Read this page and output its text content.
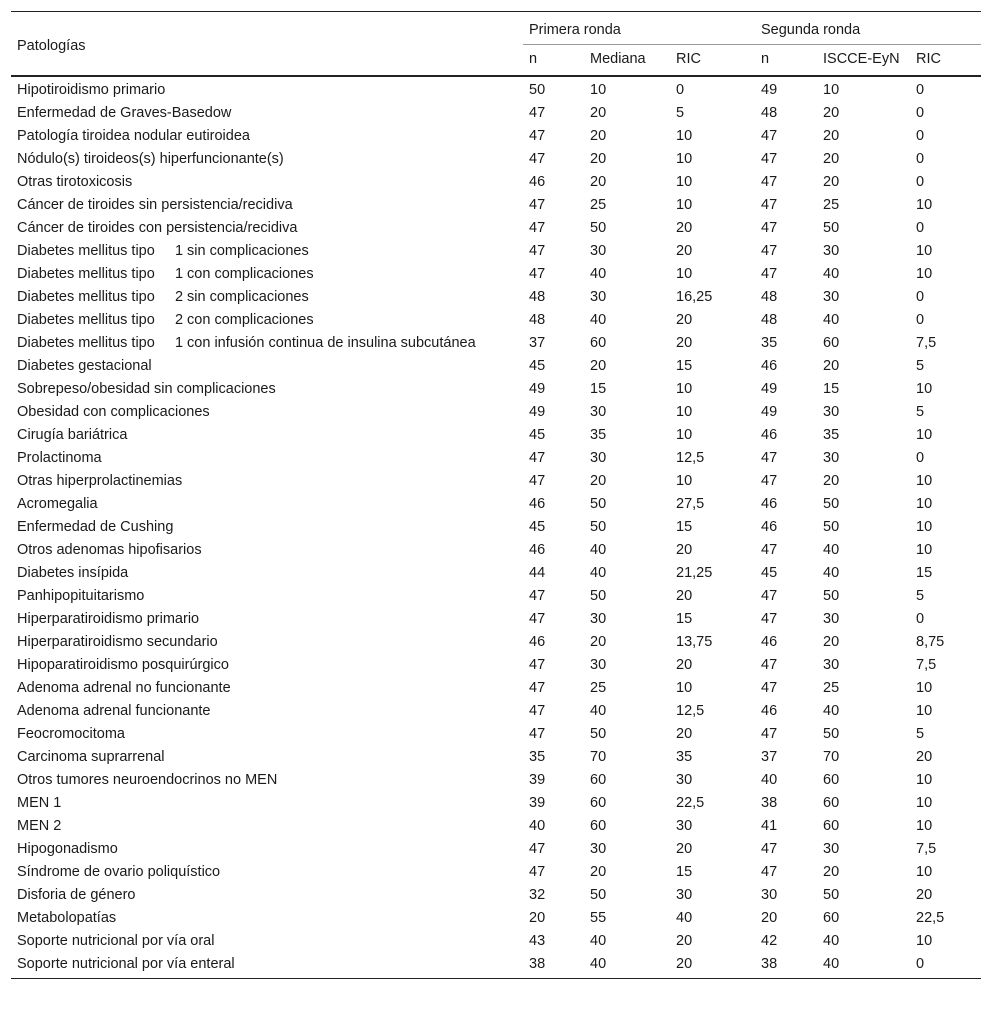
Patologías	Primera ronda			Segunda ronda		
	n	Mediana	RIC	n	ISCCE-EyN	RIC
Hipotiroidismo primario	50	10	0	49	10	0
Enfermedad de Graves-Basedow	47	20	5	48	20	0
Patología tiroidea nodular eutiroidea	47	20	10	47	20	0
Nódulo(s) tiroideos(s) hiperfuncionante(s)	47	20	10	47	20	0
Otras tirotoxicosis	46	20	10	47	20	0
Cáncer de tiroides sin persistencia/recidiva	47	25	10	47	25	10
Cáncer de tiroides con persistencia/recidiva	47	50	20	47	50	0
Diabetes mellitus tipo     1 sin complicaciones	47	30	20	47	30	10
Diabetes mellitus tipo     1 con complicaciones	47	40	10	47	40	10
Diabetes mellitus tipo     2 sin complicaciones	48	30	16,25	48	30	0
Diabetes mellitus tipo     2 con complicaciones	48	40	20	48	40	0
Diabetes mellitus tipo     1 con infusión continua de insulina subcutánea	37	60	20	35	60	7,5
Diabetes gestacional	45	20	15	46	20	5
Sobrepeso/obesidad sin complicaciones	49	15	10	49	15	10
Obesidad con complicaciones	49	30	10	49	30	5
Cirugía bariátrica	45	35	10	46	35	10
Prolactinoma	47	30	12,5	47	30	0
Otras hiperprolactinemias	47	20	10	47	20	10
Acromegalia	46	50	27,5	46	50	10
Enfermedad de Cushing	45	50	15	46	50	10
Otros adenomas hipofisarios	46	40	20	47	40	10
Diabetes insípida	44	40	21,25	45	40	15
Panhipopituitarismo	47	50	20	47	50	5
Hiperparatiroidismo primario	47	30	15	47	30	0
Hiperparatiroidismo secundario	46	20	13,75	46	20	8,75
Hipoparatiroidismo posquirúrgico	47	30	20	47	30	7,5
Adenoma adrenal no funcionante	47	25	10	47	25	10
Adenoma adrenal funcionante	47	40	12,5	46	40	10
Feocromocitoma	47	50	20	47	50	5
Carcinoma suprarrenal	35	70	35	37	70	20
Otros tumores neuroendocrinos no MEN	39	60	30	40	60	10
MEN 1	39	60	22,5	38	60	10
MEN 2	40	60	30	41	60	10
Hipogonadismo	47	30	20	47	30	7,5
Síndrome de ovario poliquístico	47	20	15	47	20	10
Disforia de género	32	50	30	30	50	20
Metabolopatías	20	55	40	20	60	22,5
Soporte nutricional por vía oral	43	40	20	42	40	10
Soporte nutricional por vía enteral	38	40	20	38	40	0
